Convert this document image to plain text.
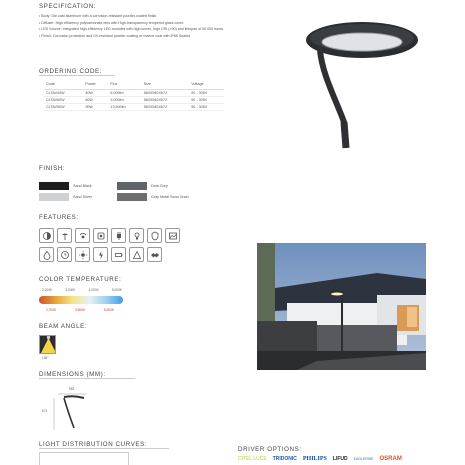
SPECIFICATION:
• Body: Die-cast aluminum with a corrosion-resistant powder-coated finish.
• Diffuser: High efficiency polycarbonate lens with High-transparency tempered glass cover.
• LED Source: Integrated high-efficiency LED modules with high lumen, high CRI (>90) and lifespan of 50,000 hours.
• Finish: Corrosion protection and UV-resistant powder coating or marine coat with IP66 Sealed.
ORDERING CODE:
Code	Power	Flux	Size	Voltage
CLTAV40W	40W	6,000lm	583X540X672	90 - 305V
CLTAV60W	60W	9,000lm	583X540X672	90 - 305V
CLTAV90W	90W	13,500lm	583X540X672	90 - 305V
FINISH:
Sand Black	Dark Grey
Sand Silver	Gray Metal Sand Grain
FEATURES:
COLOR TEMPERATURE:
2,200K	3,000K	4,000K	5,000K
2,700K	3,500K	6,500K
BEAM ANGLE:
135°
DIMENSIONS (MM):
583
672
LIGHT DISTRIBUTION CURVES:
DRIVER OPTIONS:
CITEL LUCE TRIDONIC PHILIPS LIFUD EAGLERISE OSRAM
